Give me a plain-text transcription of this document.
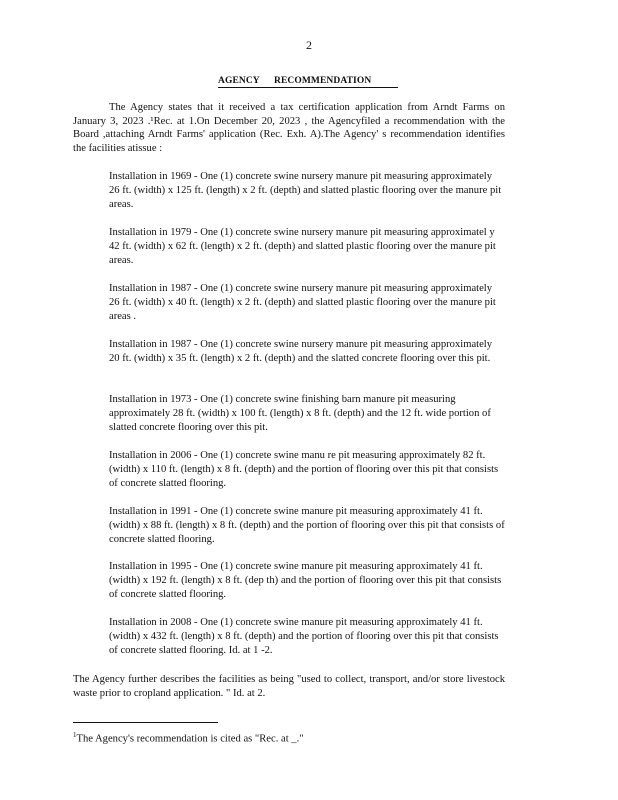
2
AGENCY RECOMMENDATION
The Agency states that it received a tax certification application from Arndt Farms on January 3, 2023 .¹Rec. at 1.On December 20, 2023 , the Agencyfiled a recommendation with the Board ,attaching Arndt Farms' application (Rec. Exh. A).The Agency' s recommendation identifies the facilities atissue :
Installation in 1969 - One (1) concrete swine nursery manure pit measuring approximately 26 ft. (width) x 125 ft. (length) x 2 ft. (depth) and slatted plastic flooring over the manure pit areas.
Installation in 1979 - One (1) concrete swine nursery manure pit measuring approximatel y 42 ft. (width) x 62 ft. (length) x 2 ft. (depth) and slatted plastic flooring over the manure pit areas.
Installation in 1987 - One (1) concrete swine nursery manure pit measuring approximately 26 ft. (width) x 40 ft. (length) x 2 ft. (depth) and slatted plastic flooring over the manure pit areas .
Installation in 1987 - One (1) concrete swine nursery manure pit measuring approximately 20 ft. (width) x 35 ft. (length) x 2 ft. (depth) and the slatted concrete flooring over this pit.
Installation in 1973 - One (1) concrete swine finishing barn manure pit measuring approximately 28 ft. (width) x 100 ft. (length) x 8 ft. (depth) and the 12 ft. wide portion of slatted concrete flooring over this pit.
Installation in 2006 - One (1) concrete swine manu re pit measuring approximately 82 ft. (width) x 110 ft. (length) x 8 ft. (depth) and the portion of flooring over this pit that consists of concrete slatted flooring.
Installation in 1991 - One (1) concrete swine manure pit measuring approximately 41 ft.(width) x 88 ft. (length) x 8 ft. (depth) and the portion of flooring over this pit that consists of concrete slatted flooring.
Installation in 1995 - One (1) concrete swine manure pit measuring approximately 41 ft. (width) x 192 ft. (length) x 8 ft. (dep th) and the portion of flooring over this pit that consists of concrete slatted flooring.
Installation in 2008 - One (1) concrete swine manure pit measuring approximately 41 ft. (width) x 432 ft. (length) x 8 ft. (depth) and the portion of flooring over this pit that consists of concrete slatted flooring. Id. at 1 -2.
The Agency further describes the facilities as being "used to collect, transport, and/or store livestock waste prior to cropland application. " Id. at 2.
$^1$The Agency's recommendation is cited as "Rec. at _."
